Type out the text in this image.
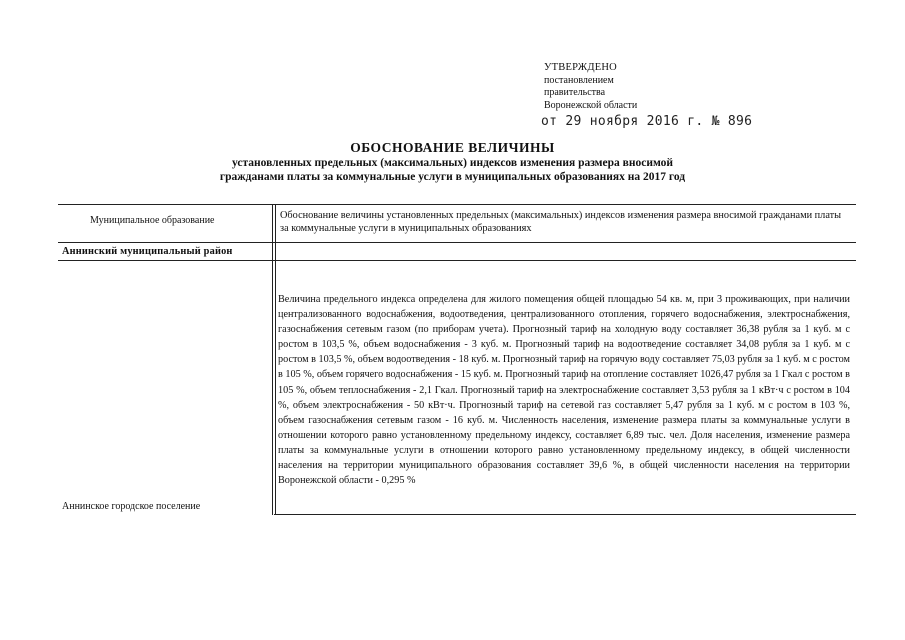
УТВЕРЖДЕНО
постановлением
правительства
Воронежской области
от 29 ноября 2016 г. № 896
ОБОСНОВАНИЕ ВЕЛИЧИНЫ
установленных предельных (максимальных) индексов изменения размера вносимой
гражданами платы за коммунальные услуги в муниципальных образованиях на 2017 год
Муниципальное образование	Обоснование величины установленных предельных (максимальных) индексов изменения размера вносимой гражданами платы за коммунальные услуги в муниципальных образованиях
Аннинский муниципальный район
Аннинское городское поселение
Величина предельного индекса определена для жилого помещения общей площадью 54 кв. м, при 3 проживающих, при наличии централизованного водоснабжения, водоотведения, централизованного отопления, горячего водоснабжения, электроснабжения, газоснабжения сетевым газом (по приборам учета). Прогнозный тариф на холодную воду составляет 36,38 рубля за 1 куб. м с ростом в 103,5 %, объем водоснабжения - 3 куб. м. Прогнозный тариф на водоотведение составляет 34,08 рубля за 1 куб. м с ростом в 103,5 %, объем водоотведения - 18 куб. м. Прогнозный тариф на горячую воду составляет 75,03 рубля за 1 куб. м с ростом в 105 %, объем горячего водоснабжения - 15 куб. м. Прогнозный тариф на отопление составляет 1026,47 рубля за 1 Гкал с ростом в 105 %, объем теплоснабжения - 2,1 Гкал. Прогнозный тариф на электроснабжение составляет 3,53 рубля за 1 кВт·ч с ростом в 104 %, объем электроснабжения - 50 кВт·ч. Прогнозный тариф на сетевой газ составляет 5,47 рубля за 1 куб. м с ростом в 103 %, объем газоснабжения сетевым газом - 16 куб. м. Численность населения, изменение размера платы за коммунальные услуги в отношении которого равно установленному предельному индексу, составляет 6,89 тыс. чел. Доля населения, изменение размера платы за коммунальные услуги в отношении которого равно установленному предельному индексу, в общей численности населения на территории муниципального образования составляет 39,6 %, в общей численности населения на территории Воронежской области - 0,295 %
